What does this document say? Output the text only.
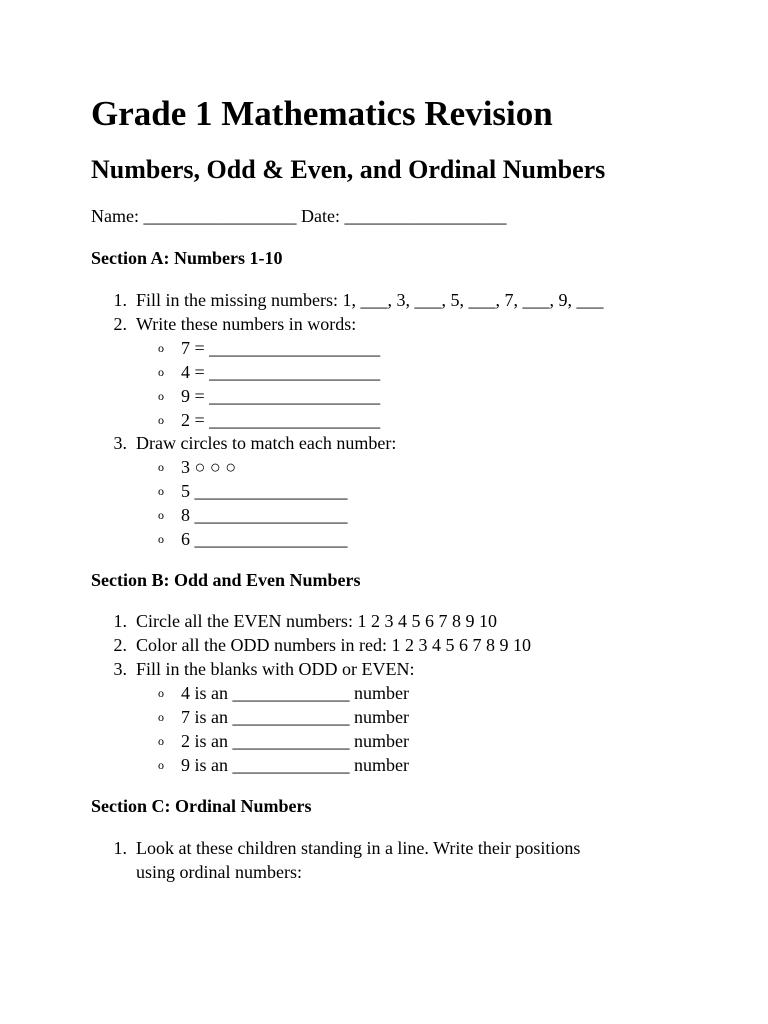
Grade 1 Mathematics Revision
Numbers, Odd & Even, and Ordinal Numbers

Name: _________________ Date: __________________

Section A: Numbers 1-10

1. Fill in the missing numbers: 1, ___, 3, ___, 5, ___, 7, ___, 9, ___
2. Write these numbers in words:
o 7 = ___________________
o 4 = ___________________
o 9 = ___________________
o 2 = ___________________
3. Draw circles to match each number:
o 3 ○ ○ ○
o 5 _________________
o 8 _________________
o 6 _________________

Section B: Odd and Even Numbers

1. Circle all the EVEN numbers: 1 2 3 4 5 6 7 8 9 10
2. Color all the ODD numbers in red: 1 2 3 4 5 6 7 8 9 10
3. Fill in the blanks with ODD or EVEN:
o 4 is an _____________ number
o 7 is an _____________ number
o 2 is an _____________ number
o 9 is an _____________ number

Section C: Ordinal Numbers

1. Look at these children standing in a line. Write their positions
using ordinal numbers:
